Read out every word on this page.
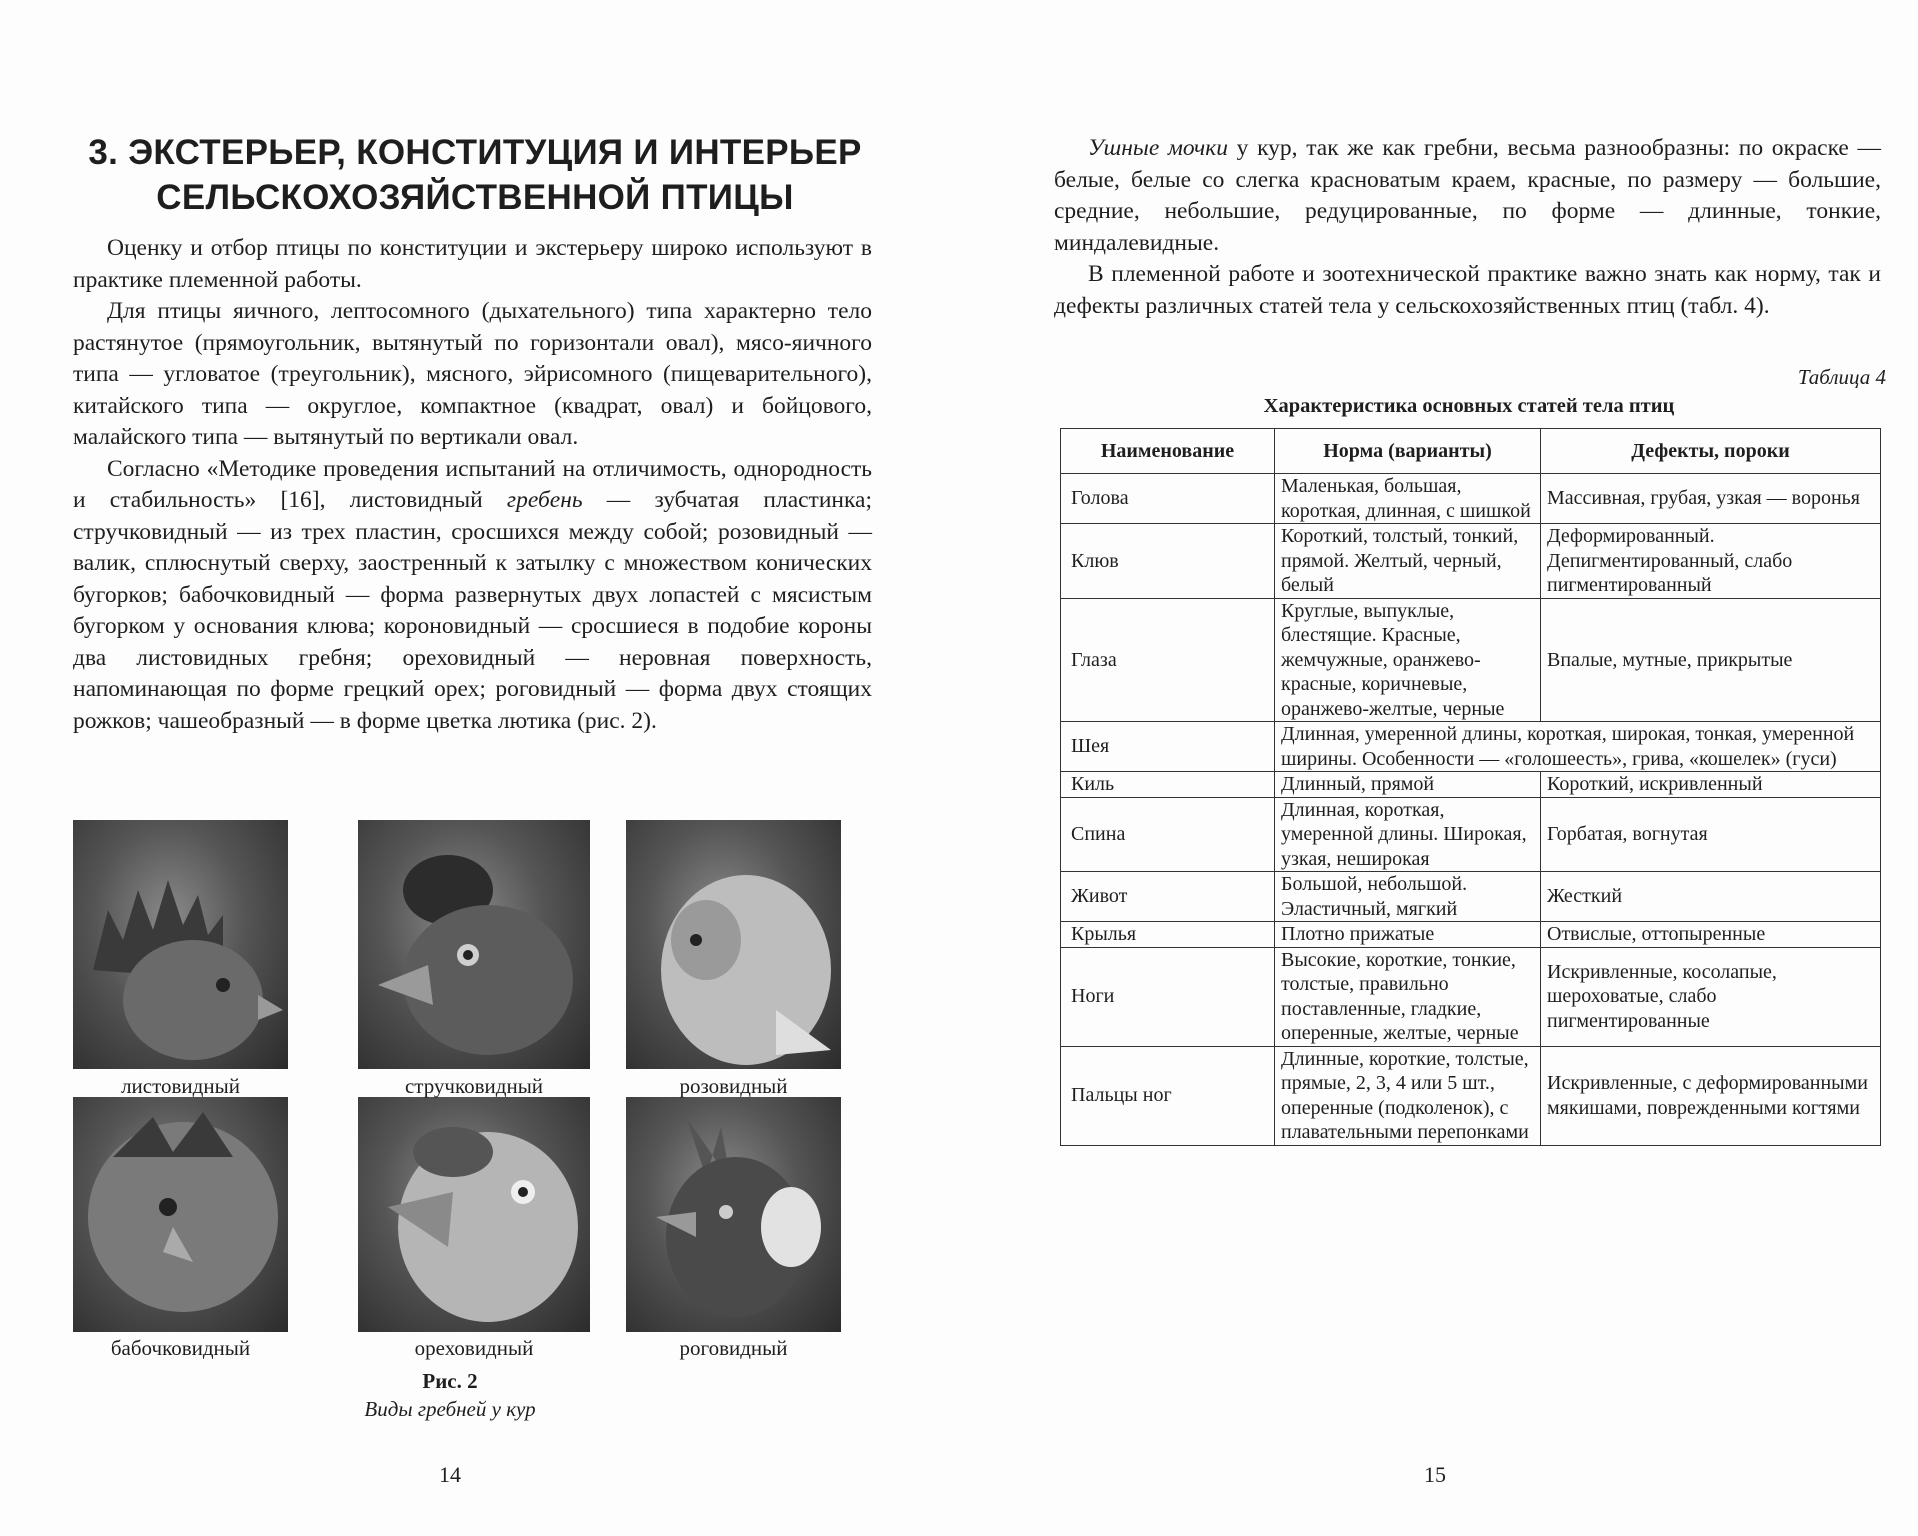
3. ЭКСТЕРЬЕР, КОНСТИТУЦИЯ И ИНТЕРЬЕР
СЕЛЬСКОХОЗЯЙСТВЕННОЙ ПТИЦЫ

Оценку и отбор птицы по конституции и экстерьеру широко используют в практике племенной работы.

Для птицы яичного, лептосомного (дыхательного) типа характерно тело растянутое (прямоугольник, вытянутый по горизонтали овал), мясо-яичного типа — угловатое (треугольник), мясного, эйрисомного (пищеварительного), китайского типа — округлое, компактное (квадрат, овал) и бойцового, малайского типа — вытянутый по вертикали овал.

Согласно «Методике проведения испытаний на отличимость, однородность и стабильность» [16], листовидный гребень — зубчатая пластинка; стручковидный — из трех пластин, сросшихся между собой; розовидный — валик, сплюснутый сверху, заостренный к затылку с множеством конических бугорков; бабочковидный — форма развернутых двух лопастей с мясистым бугорком у основания клюва; короновидный — сросшиеся в подобие короны два листовидных гребня; ореховидный — неровная поверхность, напоминающая по форме грецкий орех; роговидный — форма двух стоящих рожков; чашеобразный — в форме цветка лютика (рис. 2).

листовидный	стручковидный	розовидный
бабочковидный	ореховидный	роговидный
Рис. 2
Виды гребней у кур
14

Ушные мочки у кур, так же как гребни, весьма разнообразны: по окраске — белые, белые со слегка красноватым краем, красные, по размеру — большие, средние, небольшие, редуцированные, по форме — длинные, тонкие, миндалевидные.

В племенной работе и зоотехнической практике важно знать как норму, так и дефекты различных статей тела у сельскохозяйственных птиц (табл. 4).

Таблица 4
Характеристика основных статей тела птиц
Наименование	Норма (варианты)	Дефекты, пороки
Голова	Маленькая, большая, короткая, длинная, с шишкой	Массивная, грубая, узкая — воронья
Клюв	Короткий, толстый, тонкий, прямой. Желтый, черный, белый	Деформированный. Депигментированный, слабо пигментированный
Глаза	Круглые, выпуклые, блестящие. Красные, жемчужные, оранжево-красные, коричневые, оранжево-желтые, черные	Впалые, мутные, прикрытые
Шея	Длинная, умеренной длины, короткая, широкая, тонкая, умеренной ширины. Особенности — «голошеесть», грива, «кошелек» (гуси)	
Киль	Длинный, прямой	Короткий, искривленный
Спина	Длинная, короткая, умеренной длины. Широкая, узкая, неширокая	Горбатая, вогнутая
Живот	Большой, небольшой. Эластичный, мягкий	Жесткий
Крылья	Плотно прижатые	Отвислые, оттопыренные
Ноги	Высокие, короткие, тонкие, толстые, правильно поставленные, гладкие, оперенные, желтые, черные	Искривленные, косолапые, шероховатые, слабо пигментированные
Пальцы ног	Длинные, короткие, толстые, прямые, 2, 3, 4 или 5 шт., оперенные (подколенок), с плавательными перепонками	Искривленные, с деформированными мякишами, поврежденными когтями
15
